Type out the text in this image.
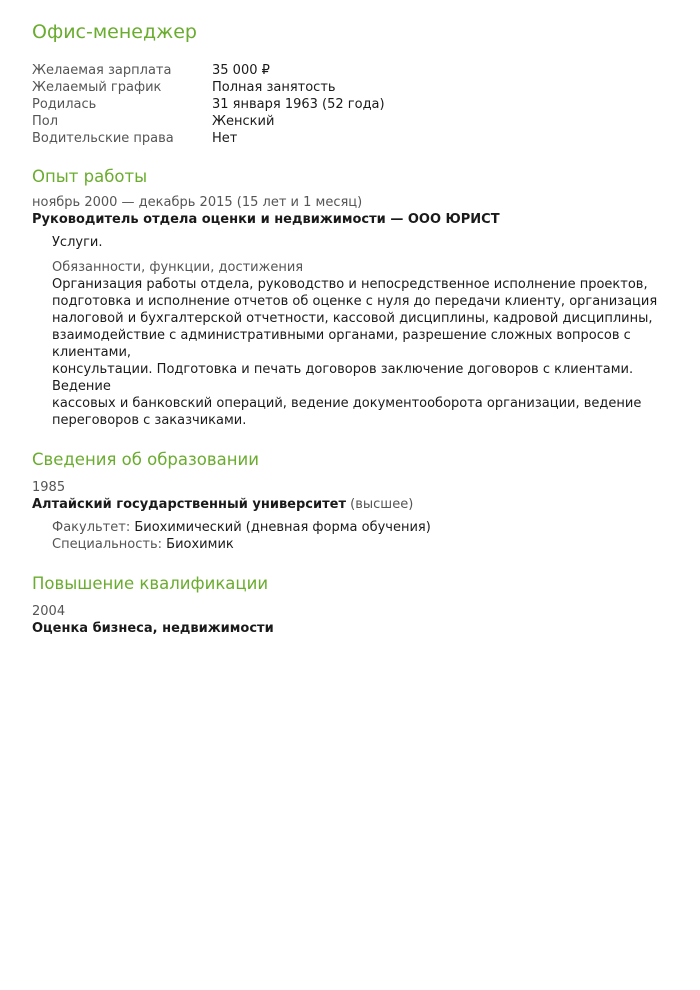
Офис-менеджер
Желаемая зарплата	35 000 ₽
Желаемый график	Полная занятость
Родилась	31 января 1963 (52 года)
Пол	Женский
Водительские права	Нет
Опыт работы
ноябрь 2000 — декабрь 2015 (15 лет и 1 месяц)
Руководитель отдела оценки и недвижимости — ООО ЮРИСТ
Услуги.
Обязанности, функции, достижения
Организация работы отдела, руководство и непосредственное исполнение проектов,
подготовка и исполнение отчетов об оценке с нуля до передачи клиенту, организация
налоговой и бухгалтерской отчетности, кассовой дисциплины, кадровой дисциплины,
взаимодействие с административными органами, разрешение сложных вопросов с клиентами,
консультации. Подготовка и печать договоров заключение договоров с клиентами. Ведение
кассовых и банковский операций, ведение документооборота организации, ведение
переговоров с заказчиками.
Сведения об образовании
1985
Алтайский государственный университет (высшее)
Факультет: Биохимический (дневная форма обучения)
Специальность: Биохимик
Повышение квалификации
2004
Оценка бизнеса, недвижимости
